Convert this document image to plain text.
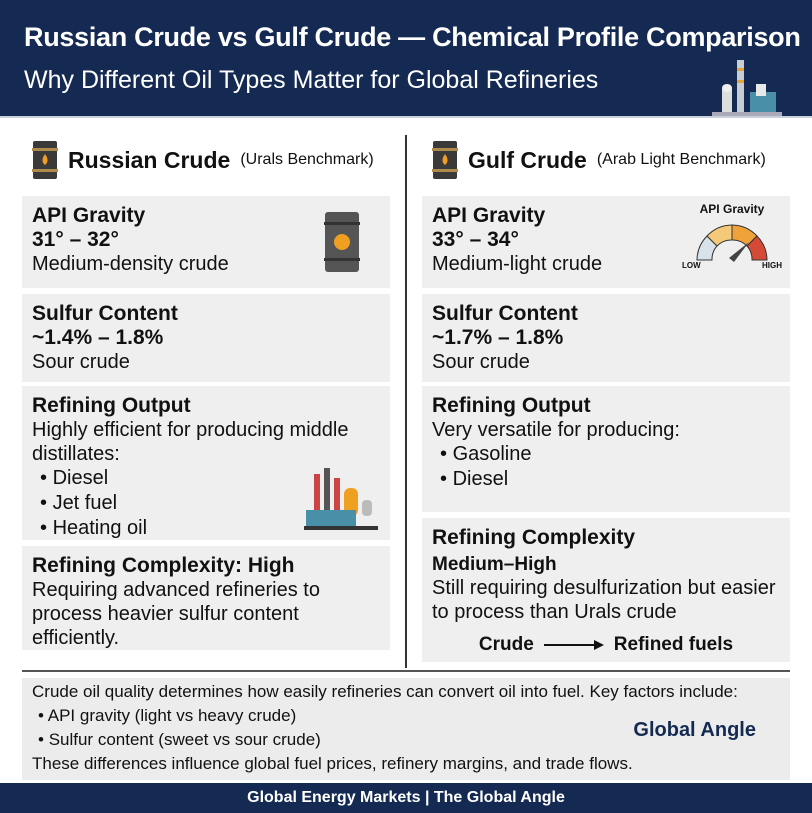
Russian Crude vs Gulf Crude — Chemical Profile Comparison
Why Different Oil Types Matter for Global Refineries
Russian Crude (Urals Benchmark)	Gulf Crude (Arab Light Benchmark)
API Gravity
31° – 32°
Medium-density crude
Sulfur Content
~1.4% – 1.8%
Sour crude
Refining Output
Highly efficient for producing middle distillates:
• Diesel
• Jet fuel
• Heating oil
Refining Complexity: High
Requiring advanced refineries to process heavier sulfur content efficiently.
API Gravity
33° – 34°
Medium-light crude
API Gravity
LOW	HIGH
Sulfur Content
~1.7% – 1.8%
Sour crude
Refining Output
Very versatile for producing:
• Gasoline
• Diesel
Refining Complexity
Medium–High
Still requiring desulfurization but easier to process than Urals crude
Crude	Refined fuels
Crude oil quality determines how easily refineries can convert oil into fuel. Key factors include:
• API gravity (light vs heavy crude)
• Sulfur content (sweet vs sour crude)
These differences influence global fuel prices, refinery margins, and trade flows.
Global Angle
Global Energy Markets | The Global Angle
